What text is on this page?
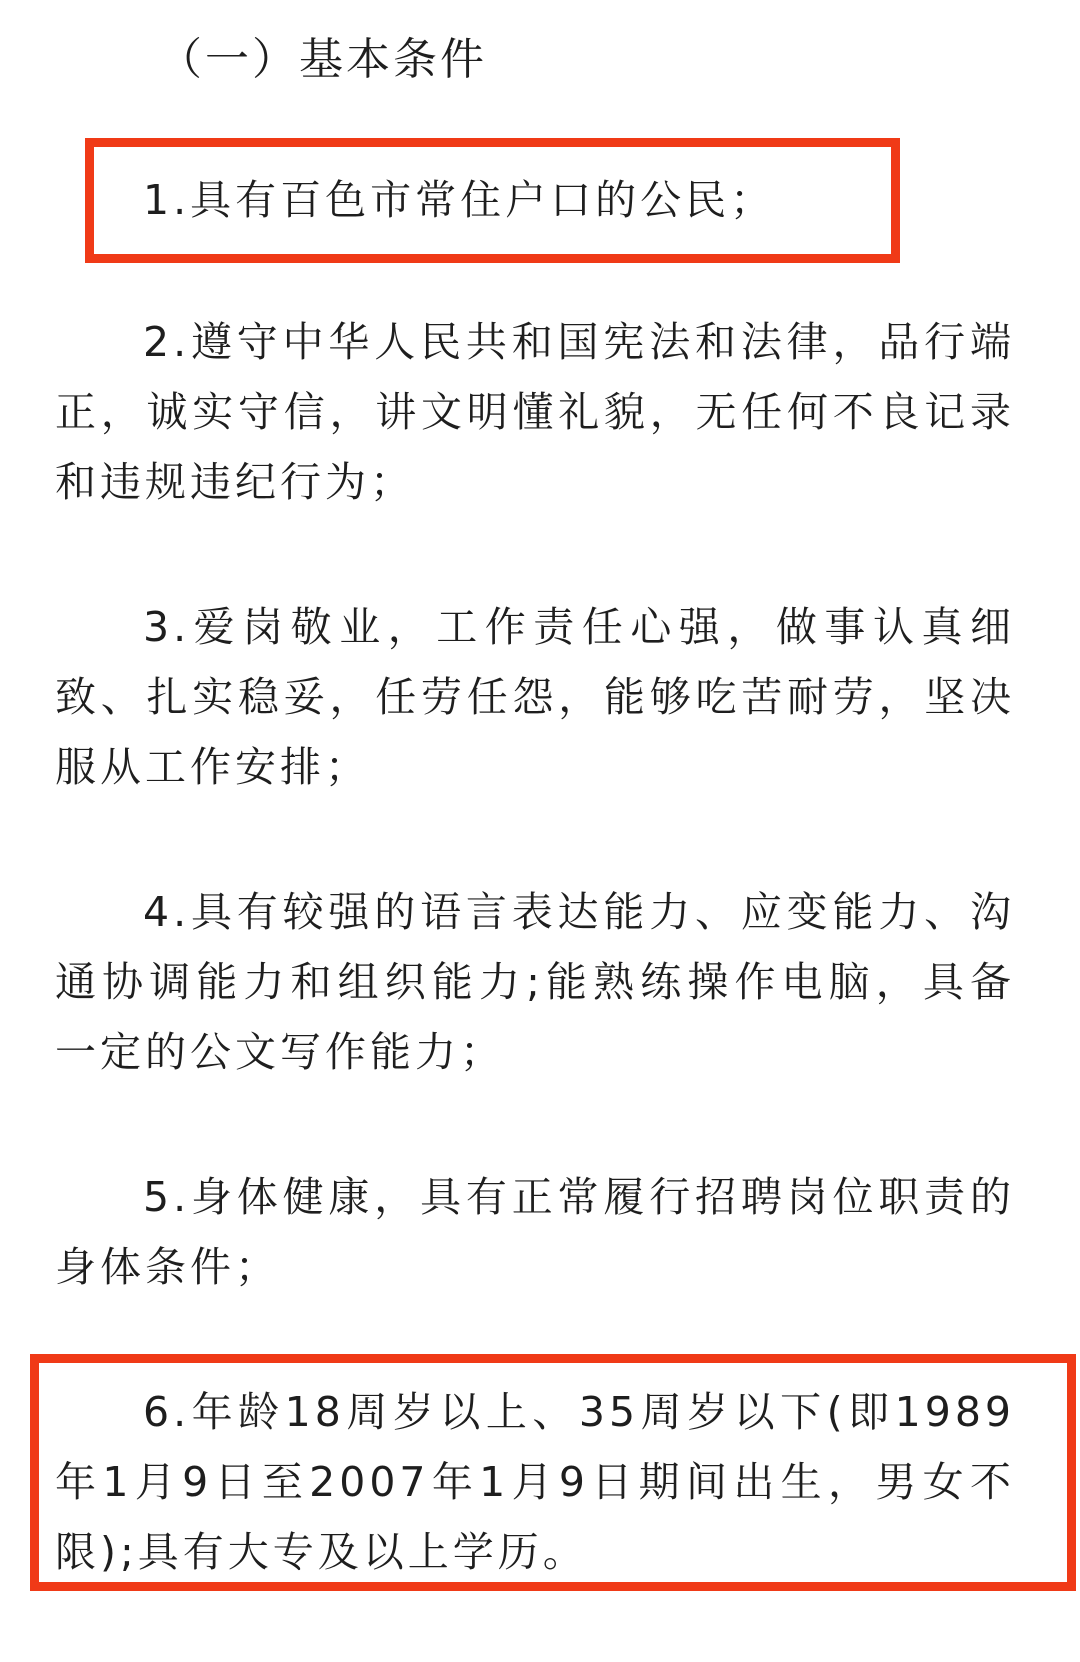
（一）基本条件

1.具有百色市常住户口的公民；

2.遵守中华人民共和国宪法和法律，品行端正，诚实守信，讲文明懂礼貌，无任何不良记录和违规违纪行为；

3.爱岗敬业，工作责任心强，做事认真细致、扎实稳妥，任劳任怨，能够吃苦耐劳，坚决服从工作安排；

4.具有较强的语言表达能力、应变能力、沟通协调能力和组织能力;能熟练操作电脑，具备一定的公文写作能力；

5.身体健康，具有正常履行招聘岗位职责的身体条件；

6.年龄18周岁以上、35周岁以下(即1989年1月9日至2007年1月9日期间出生，男女不限);具有大专及以上学历。
